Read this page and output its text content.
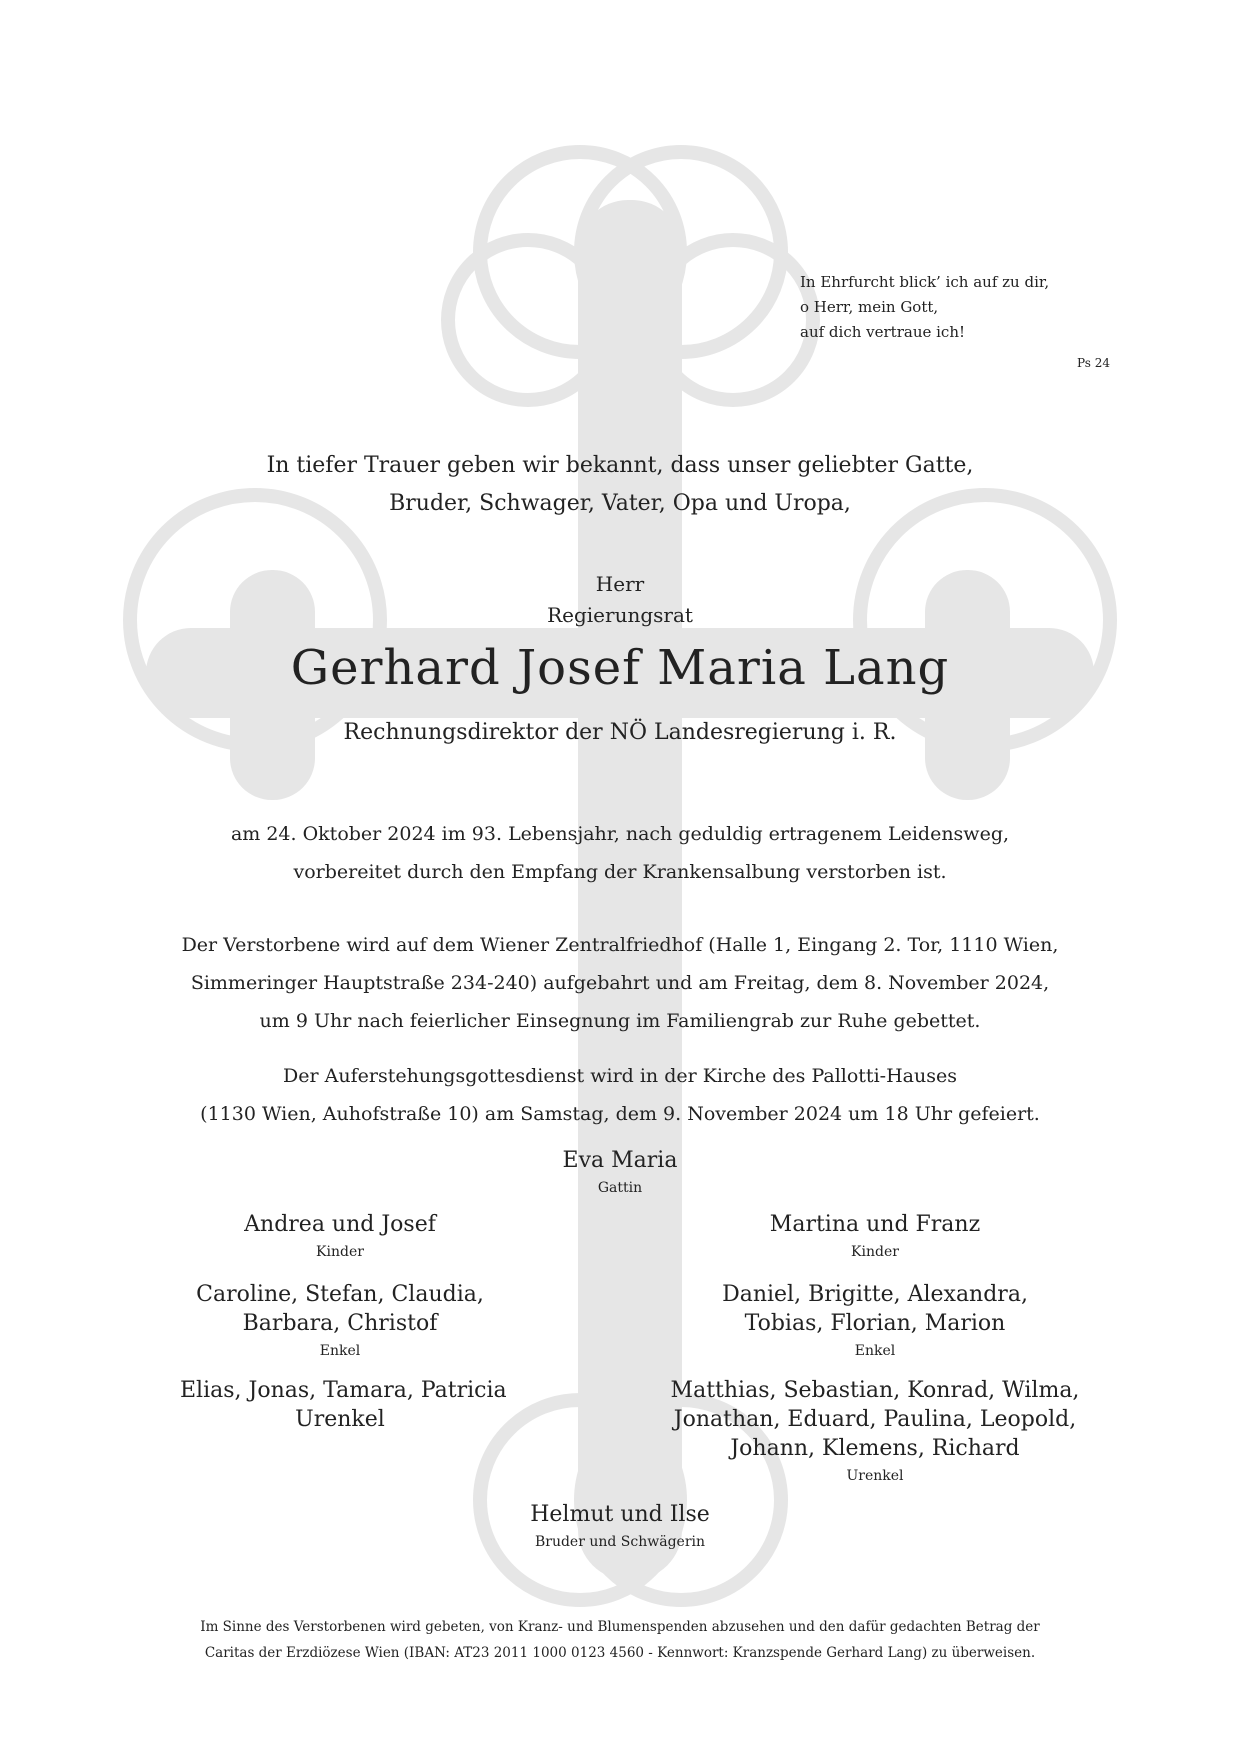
In Ehrfurcht blick’ ich auf zu dir,
o Herr, mein Gott,
auf dich vertraue ich!
Ps 24
In tiefer Trauer geben wir bekannt, dass unser geliebter Gatte,
Bruder, Schwager, Vater, Opa und Uropa,
Herr
Regierungsrat
Gerhard Josef Maria Lang
Rechnungsdirektor der NÖ Landesregierung i. R.
am 24. Oktober 2024 im 93. Lebensjahr, nach geduldig ertragenem Leidensweg,
vorbereitet durch den Empfang der Krankensalbung verstorben ist.
Der Verstorbene wird auf dem Wiener Zentralfriedhof (Halle 1, Eingang 2. Tor, 1110 Wien,
Simmeringer Hauptstraße 234-240) aufgebahrt und am Freitag, dem 8. November 2024,
um 9 Uhr nach feierlicher Einsegnung im Familiengrab zur Ruhe gebettet.
Der Auferstehungsgottesdienst wird in der Kirche des Pallotti-Hauses
(1130 Wien, Auhofstraße 10) am Samstag, dem 9. November 2024 um 18 Uhr gefeiert.
Eva Maria
Gattin
Andrea und Josef
Kinder
Caroline, Stefan, Claudia,
Barbara, Christof
Enkel
Elias, Jonas, Tamara, Patricia
Urenkel
Martina und Franz
Kinder
Daniel, Brigitte, Alexandra,
Tobias, Florian, Marion
Enkel
Matthias, Sebastian, Konrad, Wilma,
Jonathan, Eduard, Paulina, Leopold,
Johann, Klemens, Richard
Urenkel
Helmut und Ilse
Bruder und Schwägerin
Im Sinne des Verstorbenen wird gebeten, von Kranz- und Blumenspenden abzusehen und den dafür gedachten Betrag der
Caritas der Erzdiözese Wien (IBAN: AT23 2011 1000 0123 4560 - Kennwort: Kranzspende Gerhard Lang) zu überweisen.
